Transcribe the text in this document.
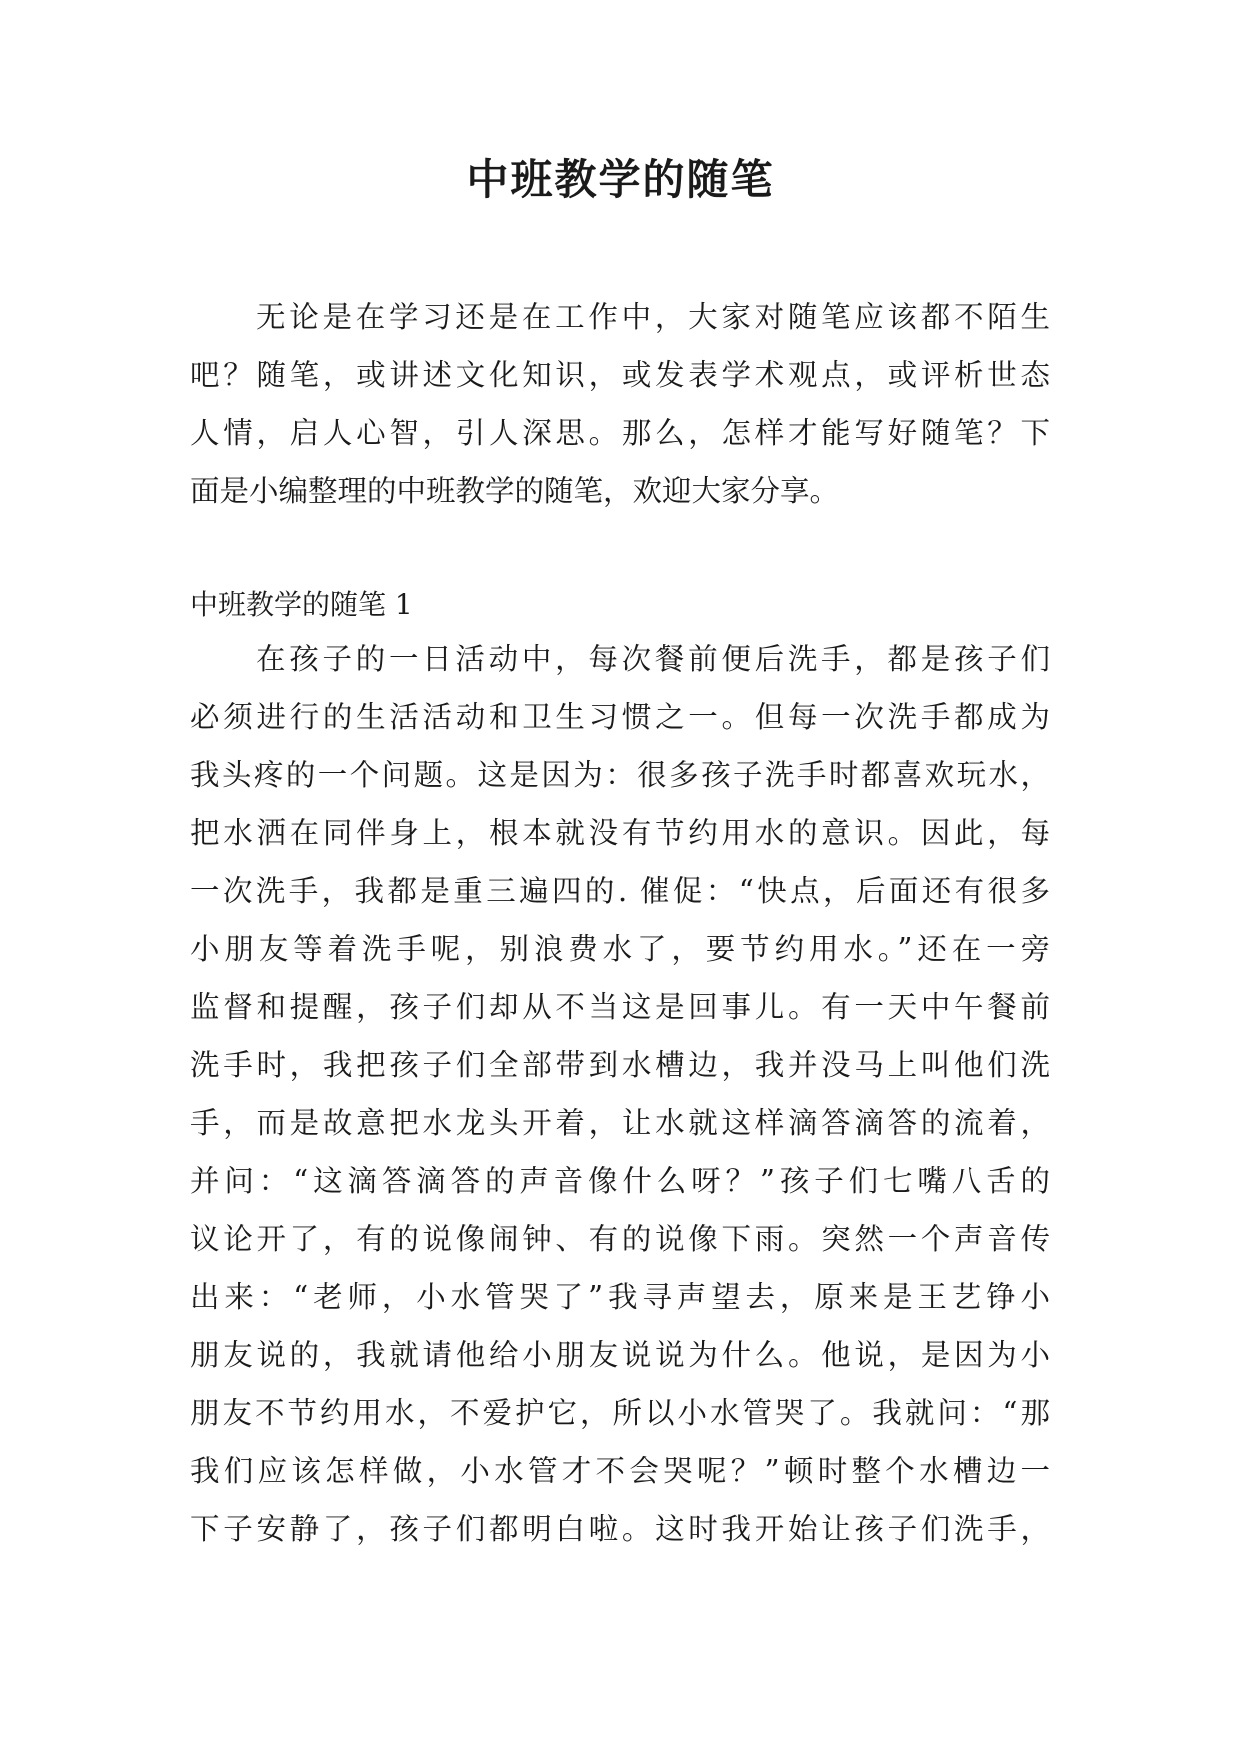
中班教学的随笔
无论是在学习还是在工作中，大家对随笔应该都不陌生
吧？随笔，或讲述文化知识，或发表学术观点，或评析世态
人情，启人心智，引人深思。那么，怎样才能写好随笔？下
面是小编整理的中班教学的随笔，欢迎大家分享。
中班教学的随笔 1
在孩子的一日活动中，每次餐前便后洗手，都是孩子们
必须进行的生活活动和卫生习惯之一。但每一次洗手都成为
我头疼的一个问题。这是因为：很多孩子洗手时都喜欢玩水，
把水洒在同伴身上，根本就没有节约用水的意识。因此，每
一次洗手，我都是重三遍四的. 催促：“快点，后面还有很多
小朋友等着洗手呢，别浪费水了，要节约用水。”还在一旁
监督和提醒，孩子们却从不当这是回事儿。有一天中午餐前
洗手时，我把孩子们全部带到水槽边，我并没马上叫他们洗
手，而是故意把水龙头开着，让水就这样滴答滴答的流着，
并问：“这滴答滴答的声音像什么呀？”孩子们七嘴八舌的
议论开了，有的说像闹钟、有的说像下雨。突然一个声音传
出来：“老师，小水管哭了”我寻声望去，原来是王艺铮小
朋友说的，我就请他给小朋友说说为什么。他说，是因为小
朋友不节约用水，不爱护它，所以小水管哭了。我就问：“那
我们应该怎样做，小水管才不会哭呢？”顿时整个水槽边一
下子安静了，孩子们都明白啦。这时我开始让孩子们洗手，
